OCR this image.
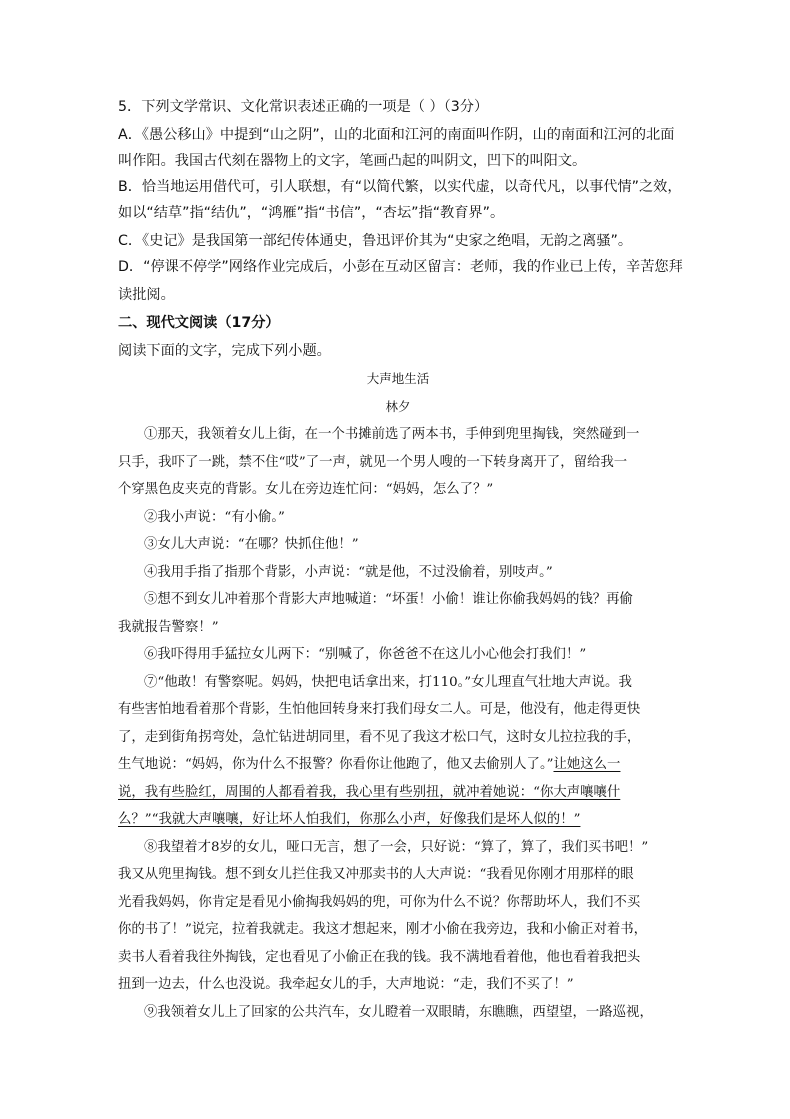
5．下列文学常识、文化常识表述正确的一项是（ ）（3分）
A．《愚公移山》中提到“山之阴”，山的北面和江河的南面叫作阴，山的南面和江河的北面
叫作阳。我国古代刻在器物上的文字，笔画凸起的叫阴文，凹下的叫阳文。
B．恰当地运用借代可，引人联想，有“以简代繁，以实代虚，以奇代凡，以事代情”之效，
如以“结草”指“结仇”，“鸿雁”指“书信”，“杏坛”指“教育界”。
C．《史记》是我国第一部纪传体通史，鲁迅评价其为“史家之绝唱，无韵之离骚”。
D．“停课不停学”网络作业完成后，小彭在互动区留言：老师，我的作业已上传，辛苦您拜
读批阅。
二、现代文阅读（17分）
阅读下面的文字，完成下列小题。
大声地生活
林夕

①那天，我领着女儿上街，在一个书摊前选了两本书，手伸到兜里掏钱，突然碰到一

只手，我吓了一跳，禁不住“哎”了一声，就见一个男人嗖的一下转身离开了，留给我一

个穿黑色皮夹克的背影。女儿在旁边连忙问：“妈妈，怎么了？”

②我小声说：“有小偷。”

③女儿大声说：“在哪？快抓住他！”

④我用手指了指那个背影，小声说：“就是他，不过没偷着，别吱声。”

⑤想不到女儿冲着那个背影大声地喊道：“坏蛋！小偷！谁让你偷我妈妈的钱？再偷

我就报告警察！”

⑥我吓得用手猛拉女儿两下：“别喊了，你爸爸不在这儿小心他会打我们！”

⑦“他敢！有警察呢。妈妈，快把电话拿出来，打110。”女儿理直气壮地大声说。我

有些害怕地看着那个背影，生怕他回转身来打我们母女二人。可是，他没有，他走得更快

了，走到街角拐弯处，急忙钻进胡同里，看不见了我这才松口气，这时女儿拉拉我的手，

生气地说：“妈妈，你为什么不报警？你看你让他跑了，他又去偷别人了。”让她这么一

说，我有些脸红，周围的人都看着我，我心里有些别扭，就冲着她说：“你大声嚷嚷什

么？”“我就大声嚷嚷，好让坏人怕我们，你那么小声，好像我们是坏人似的！”

⑧我望着才8岁的女儿，哑口无言，想了一会，只好说：“算了，算了，我们买书吧！”

我又从兜里掏钱。想不到女儿拦住我又冲那卖书的人大声说：“我看见你刚才用那样的眼

光看我妈妈，你肯定是看见小偷掏我妈妈的兜，可你为什么不说？你帮助坏人，我们不买

你的书了！”说完，拉着我就走。我这才想起来，刚才小偷在我旁边，我和小偷正对着书，

卖书人看着我往外掏钱，定也看见了小偷正在我的钱。我不满地看着他，他也看着我把头

扭到一边去，什么也没说。我牵起女儿的手，大声地说：“走，我们不买了！”

⑨我领着女儿上了回家的公共汽车，女儿瞪着一双眼睛，东瞧瞧，西望望，一路巡视，
